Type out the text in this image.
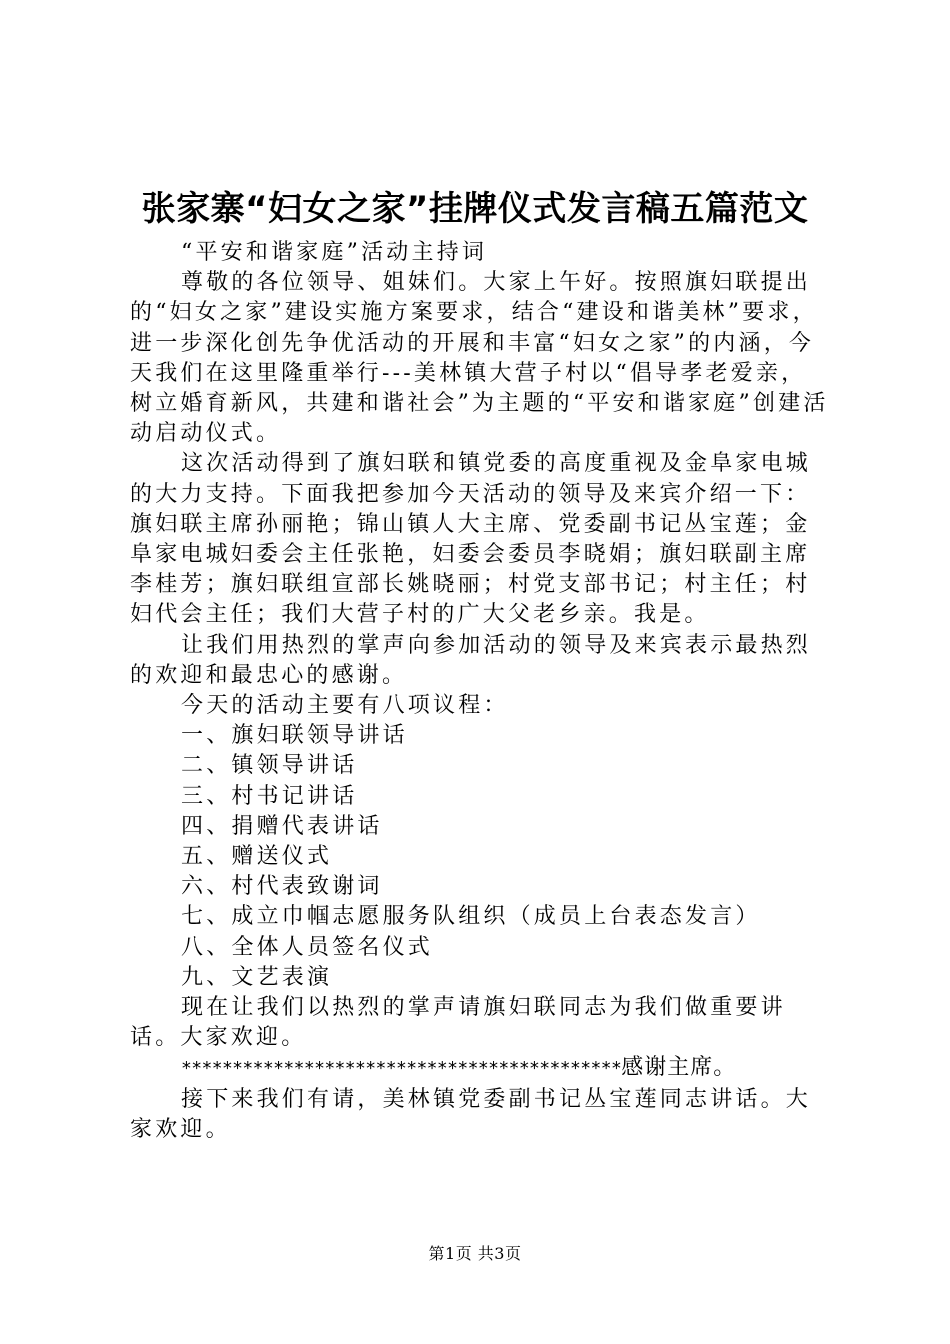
张家寨“妇女之家”挂牌仪式发言稿五篇范文

“平安和谐家庭”活动主持词

尊敬的各位领导、姐妹们。大家上午好。按照旗妇联提出的“妇女之家”建设实施方案要求，结合“建设和谐美林”要求，进一步深化创先争优活动的开展和丰富“妇女之家”的内涵，今天我们在这里隆重举行---美林镇大营子村以“倡导孝老爱亲，树立婚育新风，共建和谐社会”为主题的“平安和谐家庭”创建活动启动仪式。

这次活动得到了旗妇联和镇党委的高度重视及金阜家电城的大力支持。下面我把参加今天活动的领导及来宾介绍一下：旗妇联主席孙丽艳；锦山镇人大主席、党委副书记丛宝莲；金阜家电城妇委会主任张艳，妇委会委员李晓娟；旗妇联副主席李桂芳；旗妇联组宣部长姚晓丽；村党支部书记；村主任；村妇代会主任；我们大营子村的广大父老乡亲。我是。

让我们用热烈的掌声向参加活动的领导及来宾表示最热烈的欢迎和最忠心的感谢。

今天的活动主要有八项议程：

一、旗妇联领导讲话

二、镇领导讲话

三、村书记讲话

四、捐赠代表讲话

五、赠送仪式

六、村代表致谢词

七、成立巾帼志愿服务队组织（成员上台表态发言）

八、全体人员签名仪式

九、文艺表演

现在让我们以热烈的掌声请旗妇联同志为我们做重要讲话。大家欢迎。

*******************************************感谢主席。

接下来我们有请，美林镇党委副书记丛宝莲同志讲话。大家欢迎。

第1页 共3页
